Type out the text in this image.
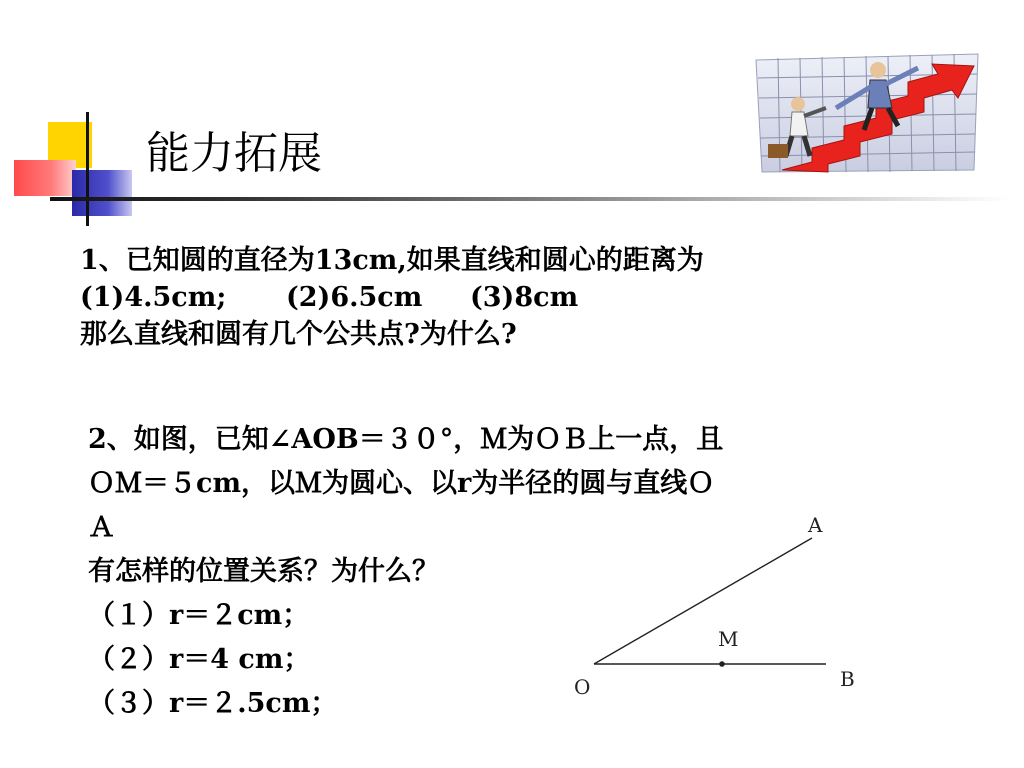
能力拓展
1、已知圆的直径为13cm,如果直线和圆心的距离为
(1)4.5cm; (2)6.5cm (3)8cm
那么直线和圆有几个公共点?为什么?
2、如图，已知∠AOB＝３０°，Ｍ为ＯＢ上一点，且
ＯＭ＝５cm，以Ｍ为圆心、以r为半径的圆与直线Ｏ
Ａ
有怎样的位置关系？为什么？
（１）r＝２cm；
（２）r＝4 cm；
（３）r＝２.5cm；
A
M
O	B
